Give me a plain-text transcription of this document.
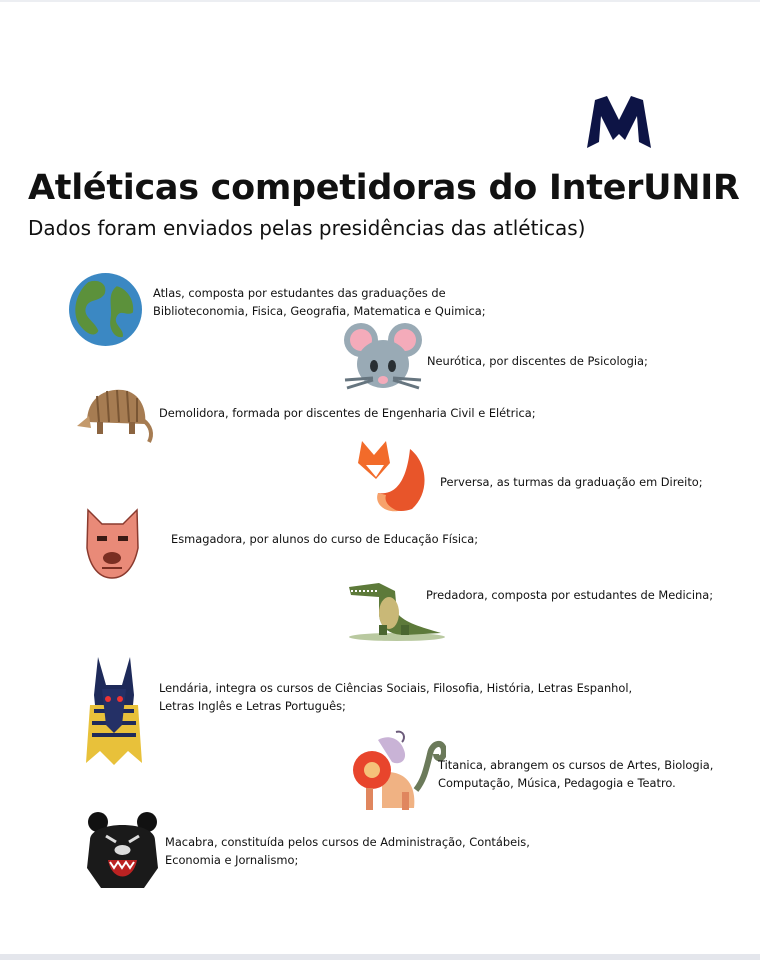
Atléticas competidoras do InterUNIR
Dados foram enviados pelas presidências das atléticas)
Atlas, composta por estudantes das graduações de
Biblioteconomia, Fisica, Geografia, Matematica e Quimica;
Neurótica, por discentes de Psicologia;
Demolidora, formada por discentes de Engenharia Civil e Elétrica;
Perversa, as turmas da graduação em Direito;
Esmagadora, por alunos do curso de Educação Física;
Predadora, composta por estudantes de Medicina;
Lendária, integra os cursos de Ciências Sociais, Filosofia, História, Letras Espanhol,
Letras Inglês e Letras Português;
Titanica, abrangem os cursos de Artes, Biologia,
Computação, Música, Pedagogia e Teatro.
Macabra, constituída pelos cursos de Administração, Contábeis,
Economia e Jornalismo;
